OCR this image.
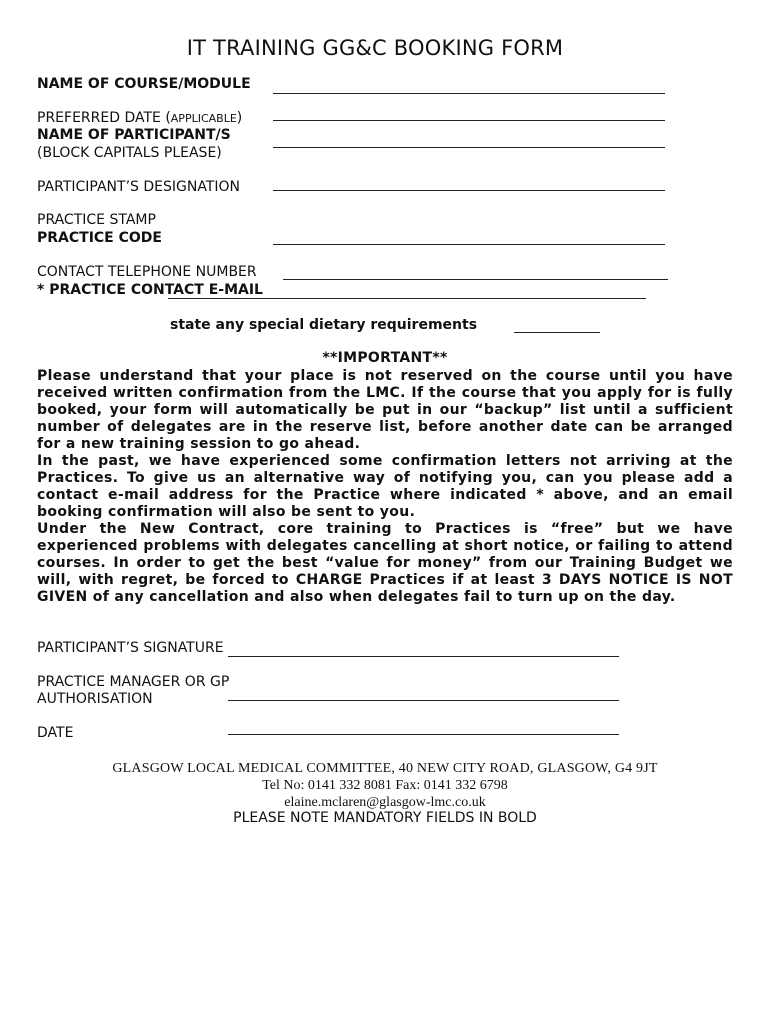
IT TRAINING GG&C BOOKING FORM
NAME OF COURSE/MODULE
PREFERRED DATE (APPLICABLE)
NAME OF PARTICIPANT/S
(BLOCK CAPITALS PLEASE)
PARTICIPANT’S DESIGNATION
PRACTICE STAMP
PRACTICE CODE
CONTACT TELEPHONE NUMBER
* PRACTICE CONTACT E-MAIL
state any special dietary requirements
**IMPORTANT**

Please understand that your place is not reserved on the course until you have received written confirmation from the LMC. If the course that you apply for is fully booked, your form will automatically be put in our “backup” list until a sufficient number of delegates are in the reserve list, before another date can be arranged for a new training session to go ahead.

In the past, we have experienced some confirmation letters not arriving at the Practices. To give us an alternative way of notifying you, can you please add a contact e-mail address for the Practice where indicated * above, and an email booking confirmation will also be sent to you.

Under the New Contract, core training to Practices is “free” but we have experienced problems with delegates cancelling at short notice, or failing to attend courses. In order to get the best “value for money” from our Training Budget we will, with regret, be forced to CHARGE Practices if at least 3 DAYS NOTICE IS NOT GIVEN of any cancellation and also when delegates fail to turn up on the day.

PARTICIPANT’S SIGNATURE
PRACTICE MANAGER OR GP
AUTHORISATION
DATE
GLASGOW LOCAL MEDICAL COMMITTEE, 40 NEW CITY ROAD, GLASGOW, G4 9JT
Tel No: 0141 332 8081 Fax: 0141 332 6798
elaine.mclaren@glasgow-lmc.co.uk
PLEASE NOTE MANDATORY FIELDS IN BOLD
